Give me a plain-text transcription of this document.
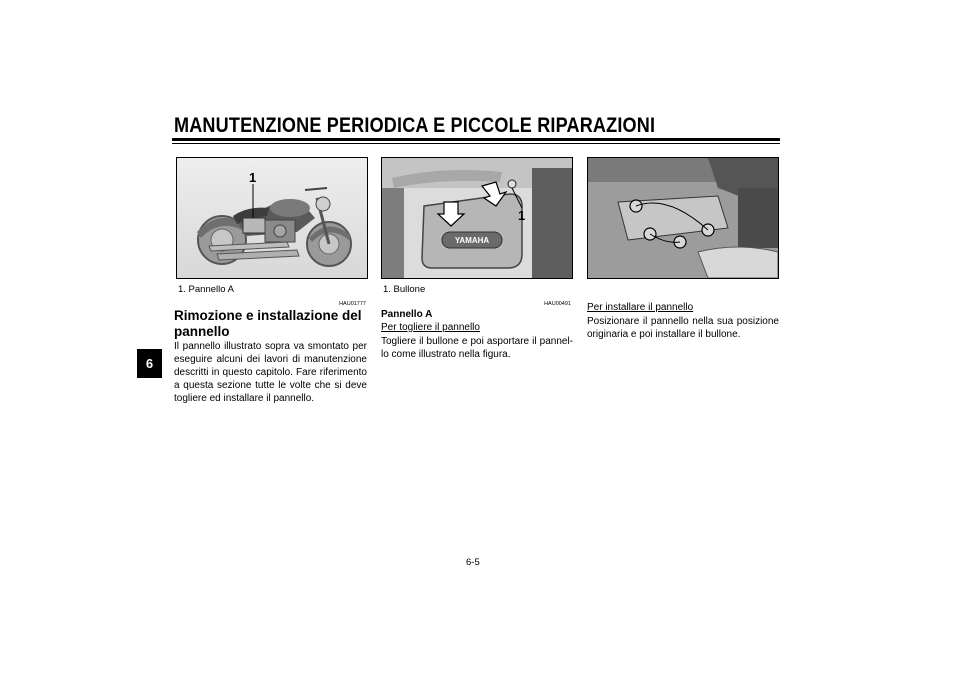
MANUTENZIONE PERIODICA E PICCOLE RIPARAZIONI
6
1
1. Pannello A
HAU01777
Rimozione e installazione del pannello
Il pannello illustrato sopra va smontato per eseguire alcuni dei lavori di manutenzione descritti in questo capitolo. Fare riferimento a questa sezione tutte le volte che si deve togliere ed installare il pannello.
YAMAHA
1
1. Bullone
HAU00491
Pannello A
Per togliere il pannello
Togliere il bullone e poi asportare il pannel-lo come illustrato nella figura.
Per installare il pannello
Posizionare il pannello nella sua posizione originaria e poi installare il bullone.
6-5
